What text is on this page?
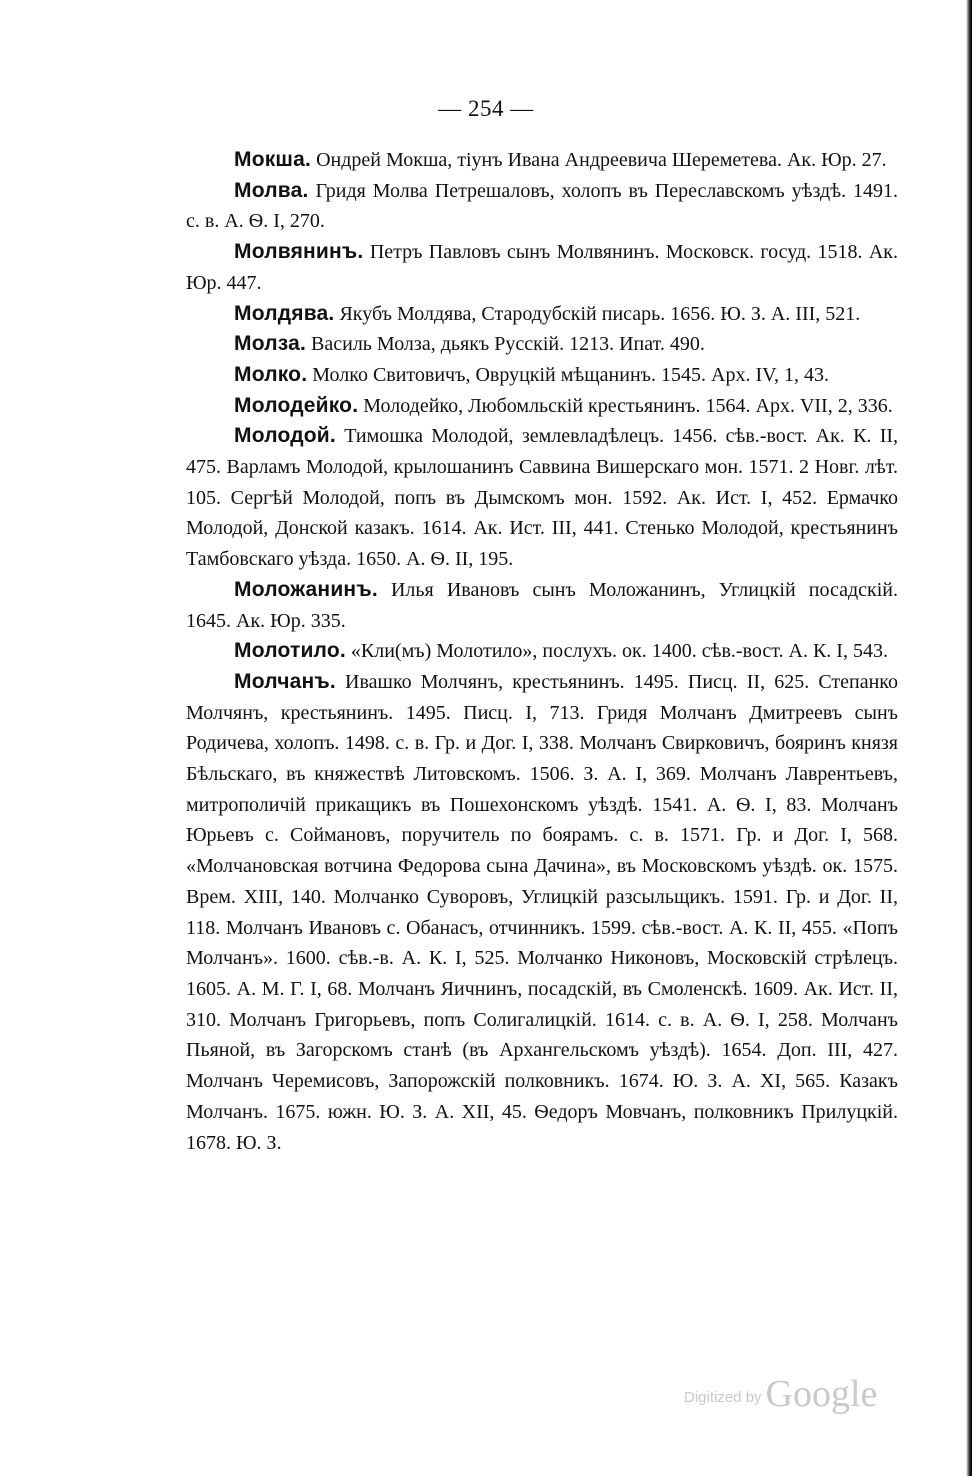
— 254 —

Мокша. Ондрей Мокша, тiунъ Ивана Андреевича Шереметева. Ак. Юр. 27.

Молва. Гридя Молва Петрешаловъ, холопъ въ Переславскомъ уѣздѣ. 1491. с. в. А. Ѳ. I, 270.

Молвянинъ. Петръ Павловъ сынъ Молвянинъ. Московск. госуд. 1518. Ак. Юр. 447.

Молдява. Якубъ Молдява, Стародубскiй писарь. 1656. Ю. З. А. III, 521.

Молза. Василь Молза, дьякъ Русскiй. 1213. Ипат. 490.

Молко. Молко Свитовичъ, Овруцкiй мѣщанинъ. 1545. Арх. IV, 1, 43.

Молодейко. Молодейко, Любомльскiй крестьянинъ. 1564. Арх. VII, 2, 336.

Молодой. Тимошка Молодой, землевладѣлецъ. 1456. сѣв.-вост. Ак. К. II, 475. Варламъ Молодой, крылошанинъ Саввина Вишерскаго мон. 1571. 2 Новг. лѣт. 105. Сергѣй Молодой, попъ въ Дымскомъ мон. 1592. Ак. Ист. I, 452. Ермачко Молодой, Донской казакъ. 1614. Ак. Ист. III, 441. Стенько Молодой, крестьянинъ Тамбовскаго уѣзда. 1650. А. Ѳ. II, 195.

Моложанинъ. Илья Ивановъ сынъ Моложанинъ, Углицкiй посадскiй. 1645. Ак. Юр. 335.

Молотило. «Кли(мъ) Молотило», послухъ. ок. 1400. сѣв.-вост. А. К. I, 543.

Молчанъ. Ивашко Молчянъ, крестьянинъ. 1495. Писц. II, 625. Степанко Молчянъ, крестьянинъ. 1495. Писц. I, 713. Гридя Молчанъ Дмитреевъ сынъ Родичева, холопъ. 1498. с. в. Гр. и Дог. I, 338. Молчанъ Свирковичъ, бояринъ князя Бѣльскаго, въ княжествѣ Литовскомъ. 1506. З. А. I, 369. Молчанъ Лаврентьевъ, митрополичiй прикащикъ въ Пошехонскомъ уѣздѣ. 1541. А. Ѳ. I, 83. Молчанъ Юрьевъ с. Соймановъ, поручитель по боярамъ. с. в. 1571. Гр. и Дог. I, 568. «Молчановская вотчина Федорова сына Дачина», въ Московскомъ уѣздѣ. ок. 1575. Врем. XIII, 140. Молчанко Суворовъ, Углицкiй разсыльщикъ. 1591. Гр. и Дог. II, 118. Молчанъ Ивановъ с. Обанасъ, отчинникъ. 1599. сѣв.-вост. А. К. II, 455. «Попъ Молчанъ». 1600. сѣв.-в. А. К. I, 525. Молчанко Никоновъ, Московскiй стрѣлецъ. 1605. А. М. Г. I, 68. Молчанъ Яичнинъ, посадскiй, въ Смоленскѣ. 1609. Ак. Ист. II, 310. Молчанъ Григорьевъ, попъ Солигалицкiй. 1614. с. в. А. Ѳ. I, 258. Молчанъ Пьяной, въ Загорскомъ станѣ (въ Архангельскомъ уѣздѣ). 1654. Доп. III, 427. Молчанъ Черемисовъ, Запорожскiй полковникъ. 1674. Ю. З. А. XI, 565. Казакъ Молчанъ. 1675. южн. Ю. З. А. XII, 45. Ѳедоръ Мовчанъ, полковникъ Прилуцкiй. 1678. Ю. З.

Digitized by Google
